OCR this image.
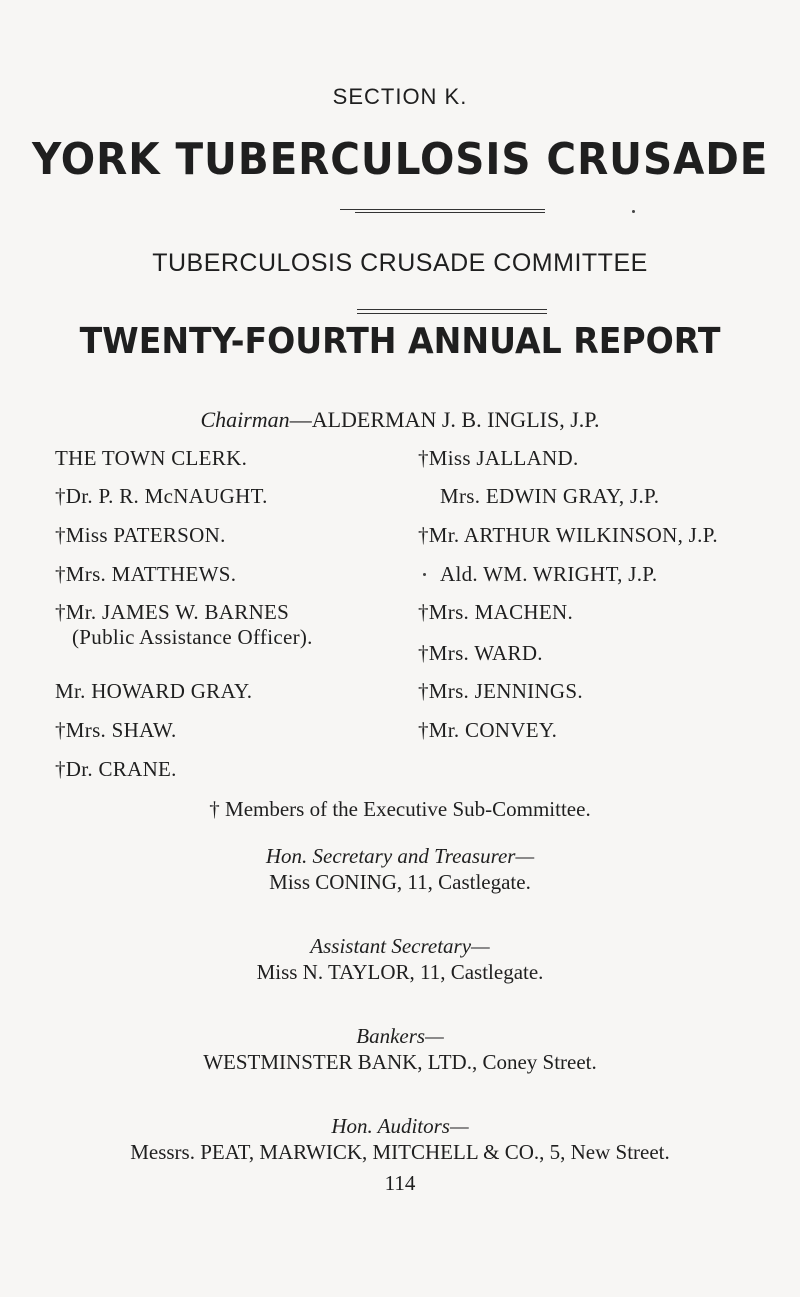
SECTION K.
YORK TUBERCULOSIS CRUSADE
TUBERCULOSIS CRUSADE COMMITTEE
TWENTY-FOURTH ANNUAL REPORT
Chairman—ALDERMAN J. B. INGLIS, J.P.
THE TOWN CLERK.
†Dr. P. R. McNAUGHT.
†Miss PATERSON.
†Mrs. MATTHEWS.
†Mr. JAMES W. BARNES
(Public Assistance Officer).
Mr. HOWARD GRAY.
†Mrs. SHAW.
†Dr. CRANE.
†Miss JALLAND.
Mrs. EDWIN GRAY, J.P.
†Mr. ARTHUR WILKINSON, J.P.
Ald. WM. WRIGHT, J.P.
†Mrs. MACHEN.
†Mrs. WARD.
†Mrs. JENNINGS.
†Mr. CONVEY.
† Members of the Executive Sub-Committee.
Hon. Secretary and Treasurer—
Miss CONING, 11, Castlegate.
Assistant Secretary—
Miss N. TAYLOR, 11, Castlegate.
Bankers—
WESTMINSTER BANK, LTD., Coney Street.
Hon. Auditors—
Messrs. PEAT, MARWICK, MITCHELL & CO., 5, New Street.
114
